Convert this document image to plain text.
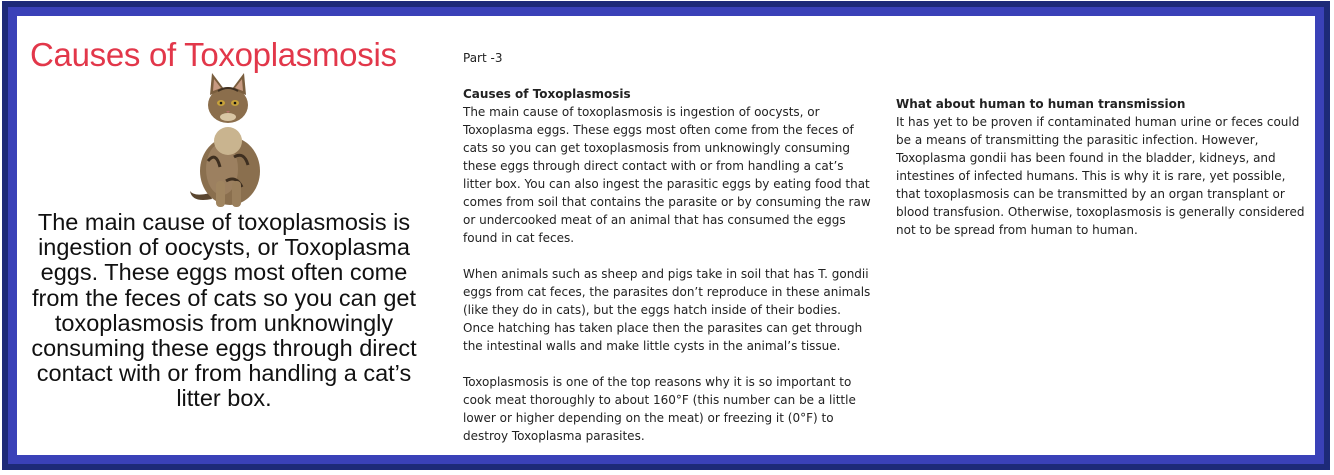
Causes of Toxoplasmosis
The main cause of toxoplasmosis is ingestion of oocysts, or Toxoplasma eggs. These eggs most often come from the feces of cats so you can get toxoplasmosis from unknowingly consuming these eggs through direct contact with or from handling a cat’s litter box.
Part -3
Causes of Toxoplasmosis

The main cause of toxoplasmosis is ingestion of oocysts, or Toxoplasma eggs. These eggs most often come from the feces of cats so you can get toxoplasmosis from unknowingly consuming these eggs through direct contact with or from handling a cat’s litter box. You can also ingest the parasitic eggs by eating food that comes from soil that contains the parasite or by consuming the raw or undercooked meat of an animal that has consumed the eggs found in cat feces.

When animals such as sheep and pigs take in soil that has T. gondii eggs from cat feces, the parasites don’t reproduce in these animals (like they do in cats), but the eggs hatch inside of their bodies. Once hatching has taken place then the parasites can get through the intestinal walls and make little cysts in the animal’s tissue.

Toxoplasmosis is one of the top reasons why it is so important to cook meat thoroughly to about 160°F (this number can be a little lower or higher depending on the meat) or freezing it (0°F) to destroy Toxoplasma parasites.

What about human to human transmission

It has yet to be proven if contaminated human urine or feces could be a means of transmitting the parasitic infection. However, Toxoplasma gondii has been found in the bladder, kidneys, and intestines of infected humans. This is why it is rare, yet possible, that toxoplasmosis can be transmitted by an organ transplant or blood transfusion. Otherwise, toxoplasmosis is generally considered not to be spread from human to human.
